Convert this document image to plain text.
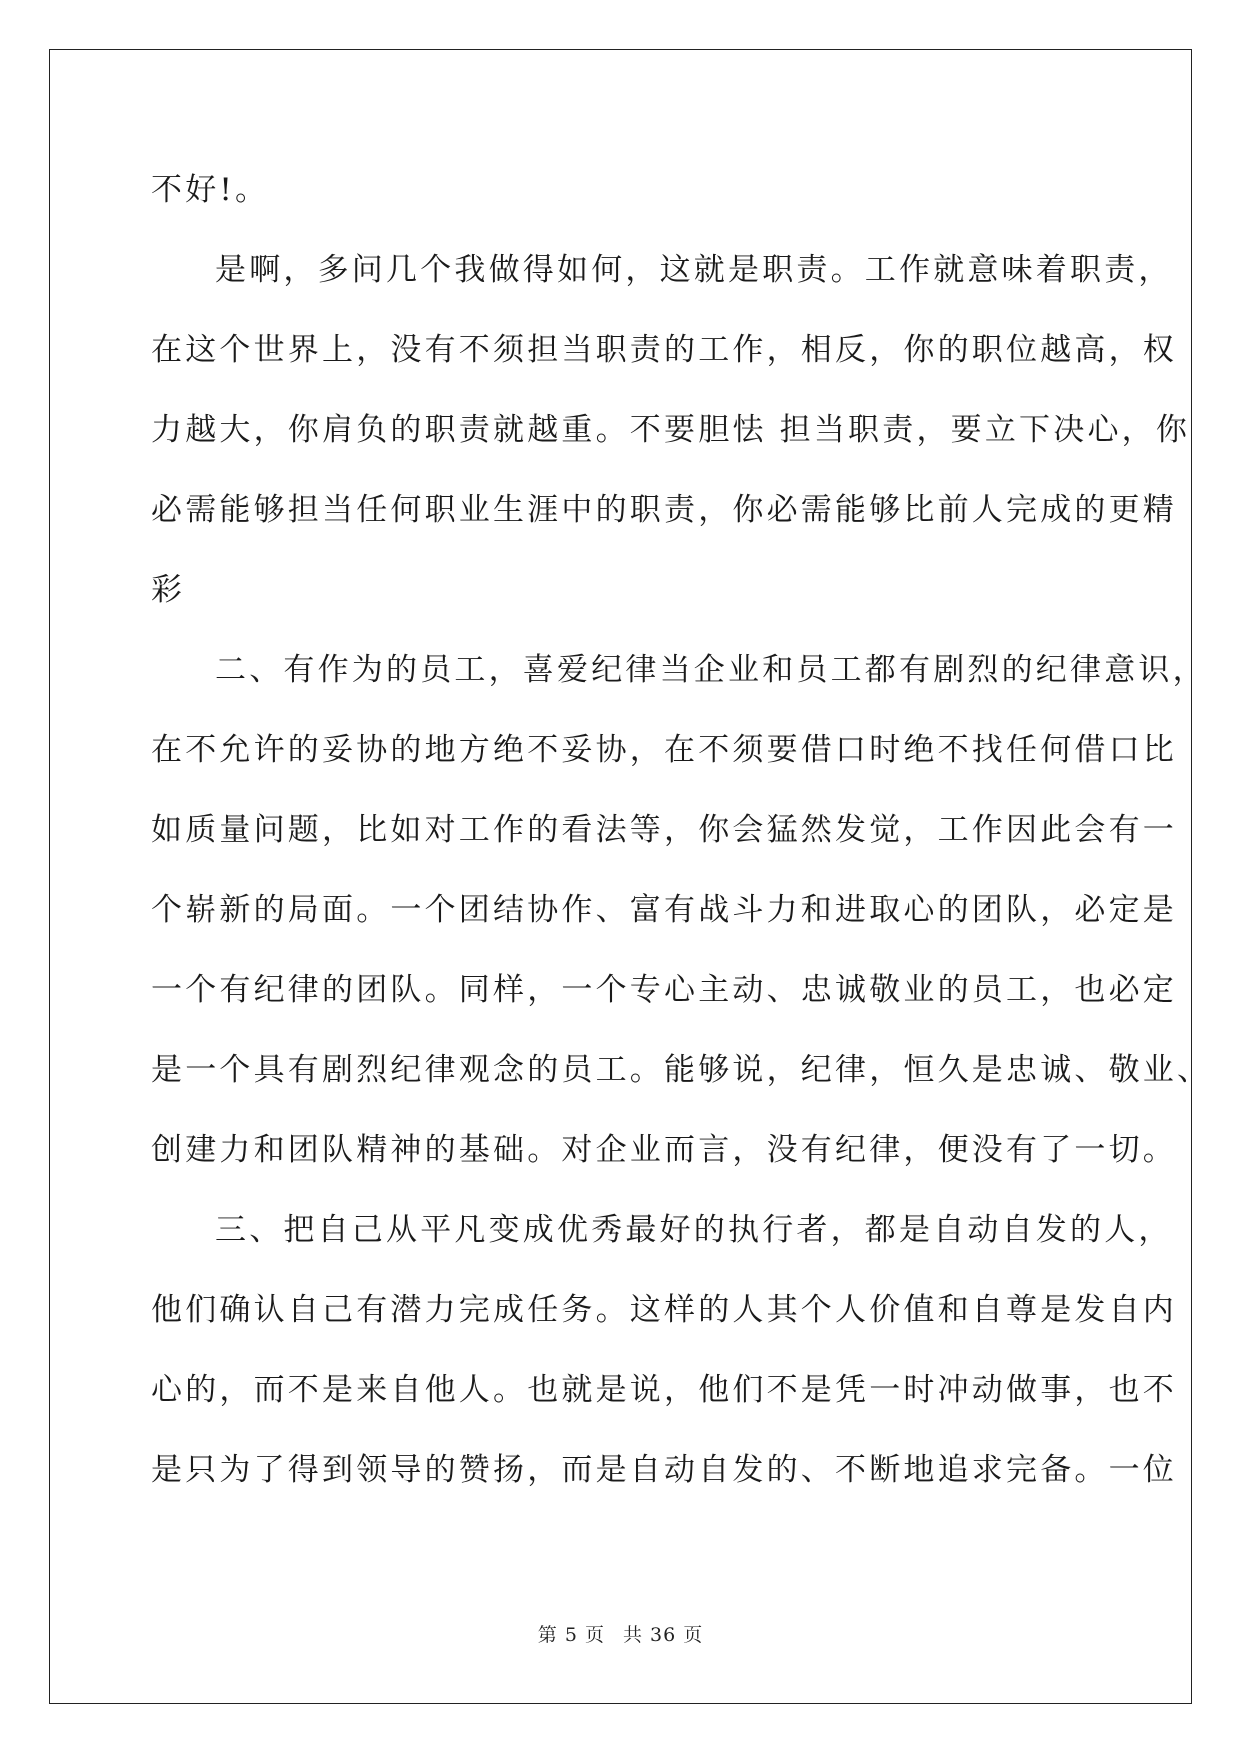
不好!。
是啊，多问几个我做得如何，这就是职责。工作就意味着职责，
在这个世界上，没有不须担当职责的工作，相反，你的职位越高，权
力越大，你肩负的职责就越重。不要胆怯 担当职责，要立下决心，你
必需能够担当任何职业生涯中的职责，你必需能够比前人完成的更精
彩
二、有作为的员工，喜爱纪律当企业和员工都有剧烈的纪律意识，
在不允许的妥协的地方绝不妥协，在不须要借口时绝不找任何借口比
如质量问题，比如对工作的看法等，你会猛然发觉，工作因此会有一
个崭新的局面。一个团结协作、富有战斗力和进取心的团队，必定是
一个有纪律的团队。同样，一个专心主动、忠诚敬业的员工，也必定
是一个具有剧烈纪律观念的员工。能够说，纪律，恒久是忠诚、敬业、
创建力和团队精神的基础。对企业而言，没有纪律，便没有了一切。
三、把自己从平凡变成优秀最好的执行者，都是自动自发的人，
他们确认自己有潜力完成任务。这样的人其个人价值和自尊是发自内
心的，而不是来自他人。也就是说，他们不是凭一时冲动做事，也不
是只为了得到领导的赞扬，而是自动自发的、不断地追求完备。一位
第 5 页 共 36 页
